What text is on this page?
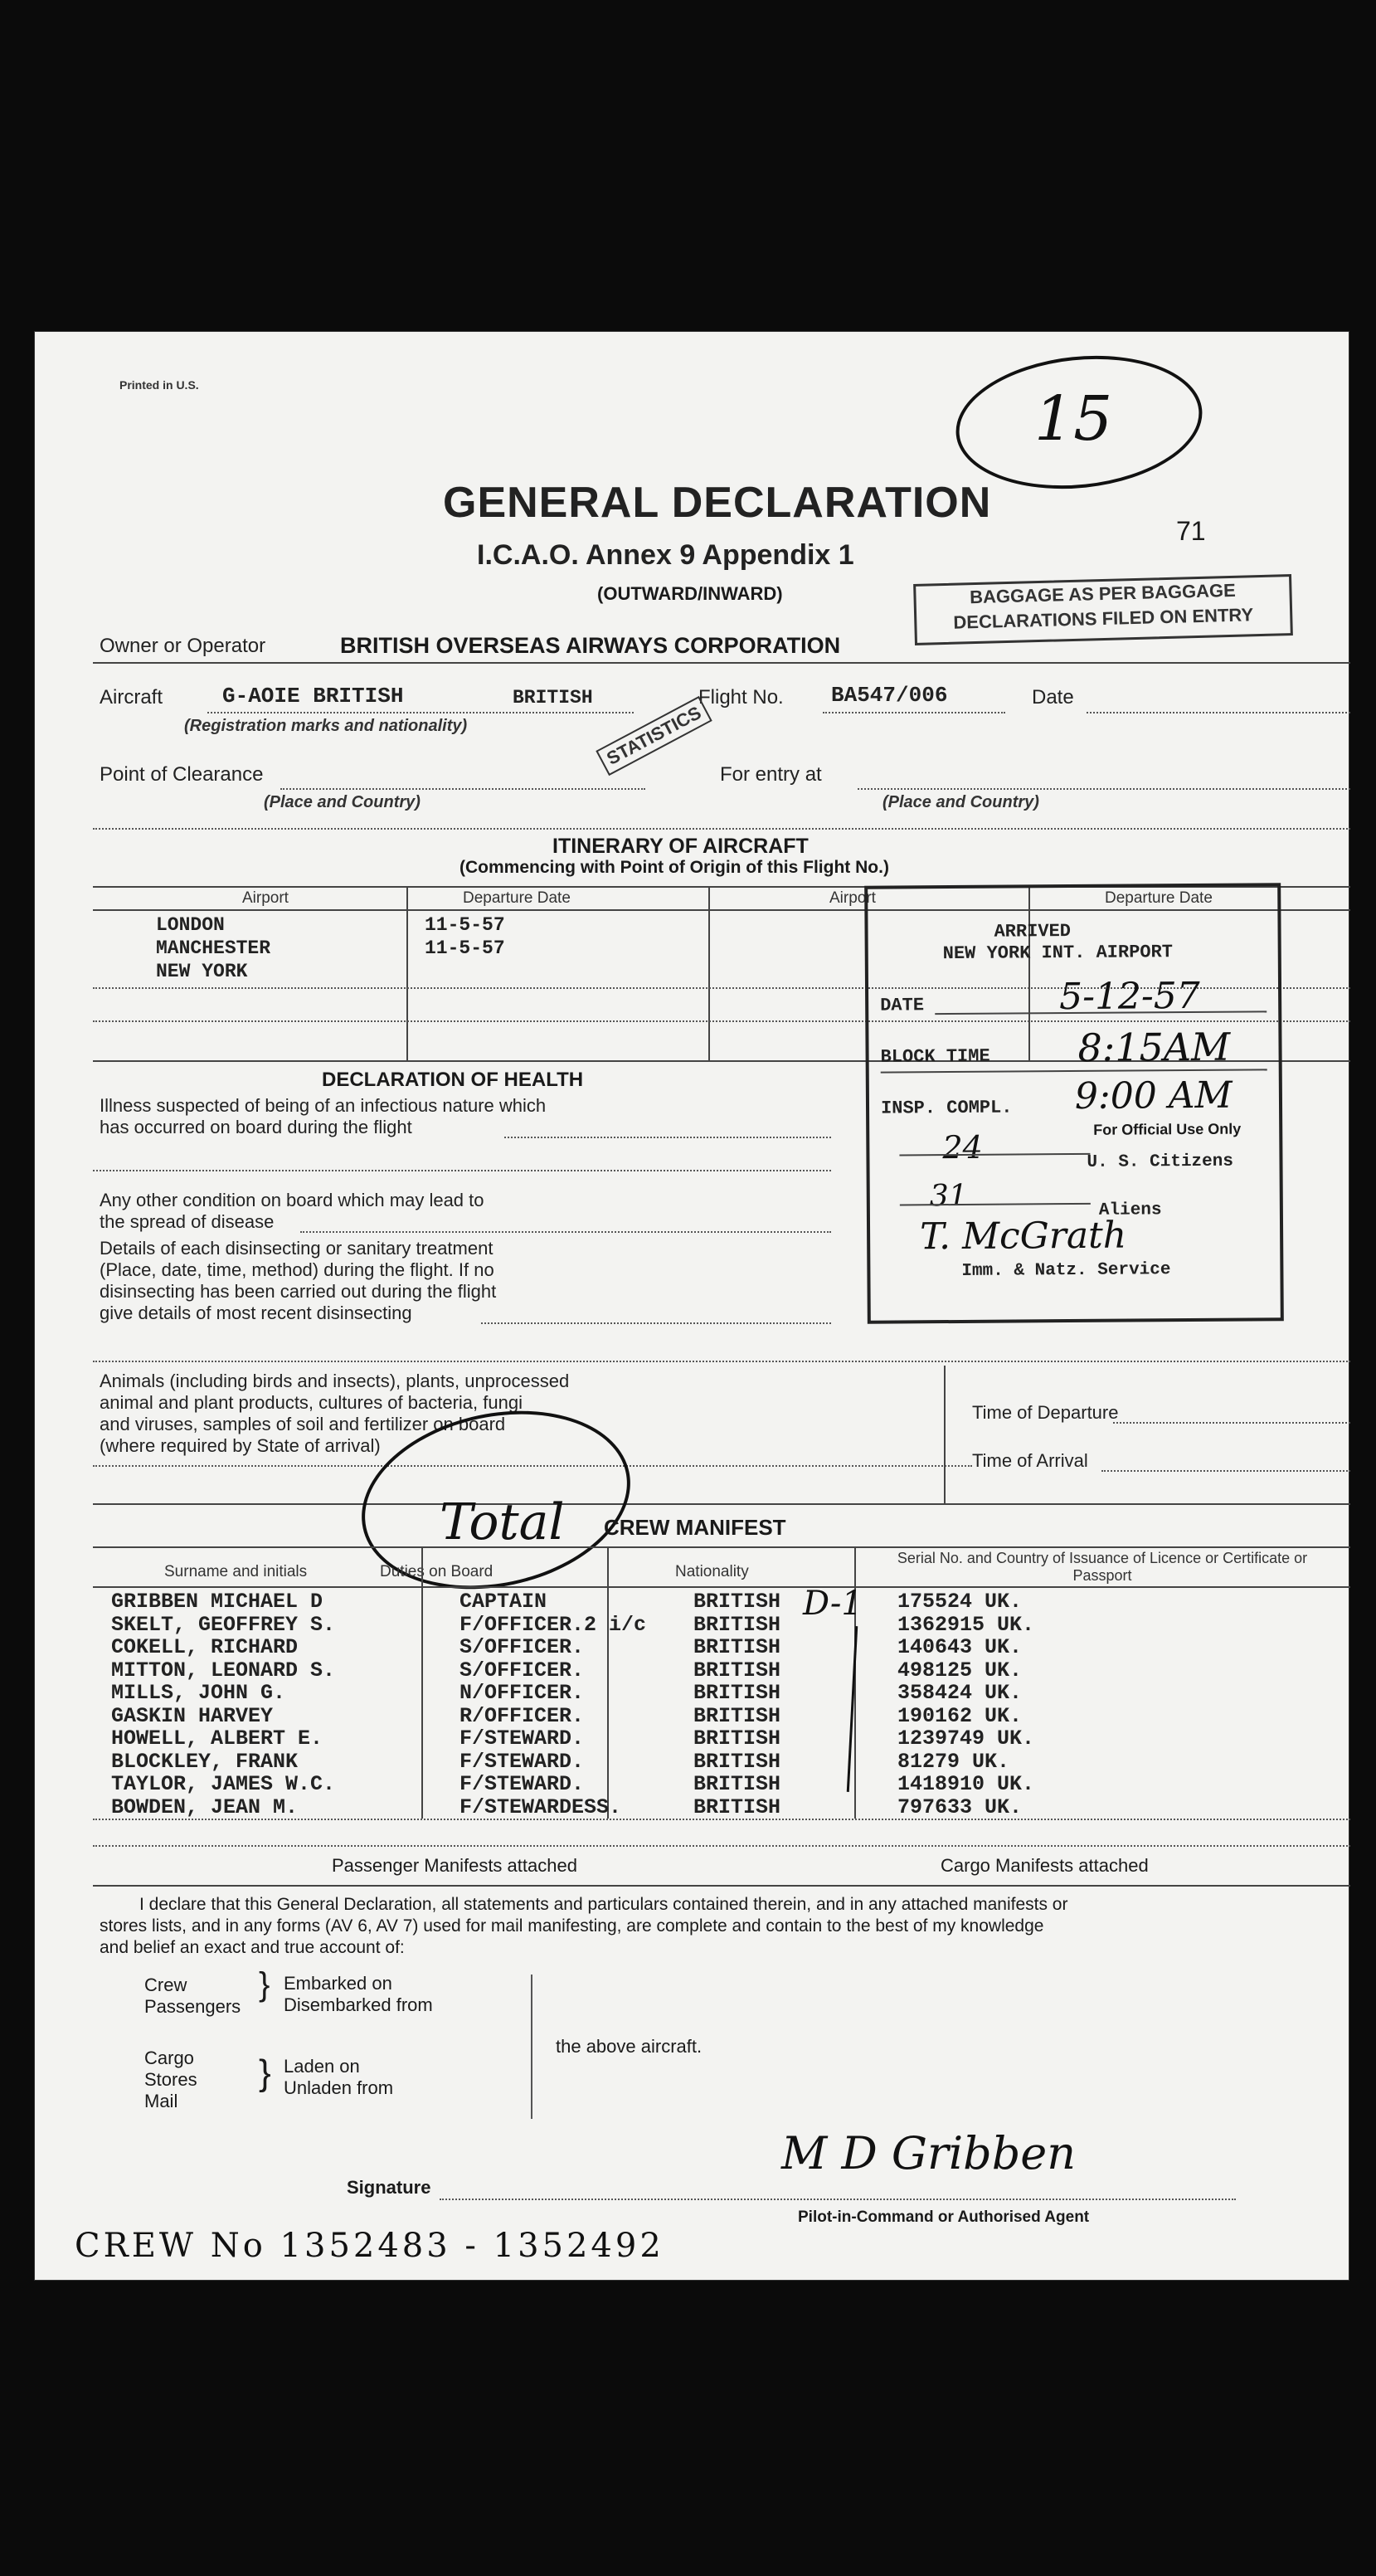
Printed in U.S.
GENERAL DECLARATION
I.C.A.O. Annex 9 Appendix 1
(OUTWARD/INWARD)
71
15
BAGGAGE AS PER BAGGAGE
DECLARATIONS FILED ON ENTRY
Owner or Operator	BRITISH OVERSEAS AIRWAYS CORPORATION
Aircraft	G-AOIE BRITISH	BRITISH
(Registration marks and nationality)
Flight No. BA547/006	Date
STATISTICS
Point of Clearance
(Place and Country)
For entry at
(Place and Country)
ITINERARY OF AIRCRAFT
(Commencing with Point of Origin of this Flight No.)
Airport	Departure Date	Airport	Departure Date
LONDON	11-5-57
MANCHESTER	11-5-57
NEW YORK
ARRIVED
NEW YORK INT. AIRPORT
DATE	5-12-57
BLOCK TIME 8:15AM
INSP. COMPL. 9:00 AM
For Official Use Only
24	U. S. Citizens
31	Aliens
T. McGrath
Imm. & Natz. Service
DECLARATION OF HEALTH
Illness suspected of being of an infectious nature which
has occurred on board during the flight
Any other condition on board which may lead to
the spread of disease
Details of each disinsecting or sanitary treatment
(Place, date, time, method) during the flight. If no
disinsecting has been carried out during the flight
give details of most recent disinsecting
Animals (including birds and insects), plants, unprocessed
animal and plant products, cultures of bacteria, fungi
and viruses, samples of soil and fertilizer on board
(where required by State of arrival)
Time of Departure
Time of Arrival
Total CREW MANIFEST
Surname and initials	Duties on Board	Nationality
Serial No. and Country of Issuance of Licence or Certificate or Passport
GRIBBEN MICHAEL D	CAPTAIN	BRITISH	175524 UK.
SKELT, GEOFFREY S.	F/OFFICER.2 i/c BRITISH	1362915 UK.
COKELL, RICHARD	S/OFFICER.	BRITISH	140643 UK.
MITTON, LEONARD S.	S/OFFICER.	BRITISH	498125 UK.
MILLS, JOHN G.	N/OFFICER.	BRITISH	358424 UK.
GASKIN HARVEY	R/OFFICER.	BRITISH	190162 UK.
HOWELL, ALBERT E.	F/STEWARD.	BRITISH	1239749 UK.
BLOCKLEY, FRANK	F/STEWARD.	BRITISH	81279 UK.
TAYLOR, JAMES W.C.	F/STEWARD.	BRITISH	1418910 UK.
BOWDEN, JEAN M.	F/STEWARDESS.	BRITISH	797633 UK.
D-1
Passenger Manifests attached	Cargo Manifests attached
I declare that this General Declaration, all statements and particulars contained therein, and in any attached manifests or
stores lists, and in any forms (AV 6, AV 7) used for mail manifesting, are complete and contain to the best of my knowledge
and belief an exact and true account of:
Crew
Passengers
} Embarked on
Disembarked from
Cargo
Stores
Mail
} Laden on
Unladen from
the above aircraft.
Signature
M D Gribben
Pilot-in-Command or Authorised Agent
CREW No 1352483 - 1352492
